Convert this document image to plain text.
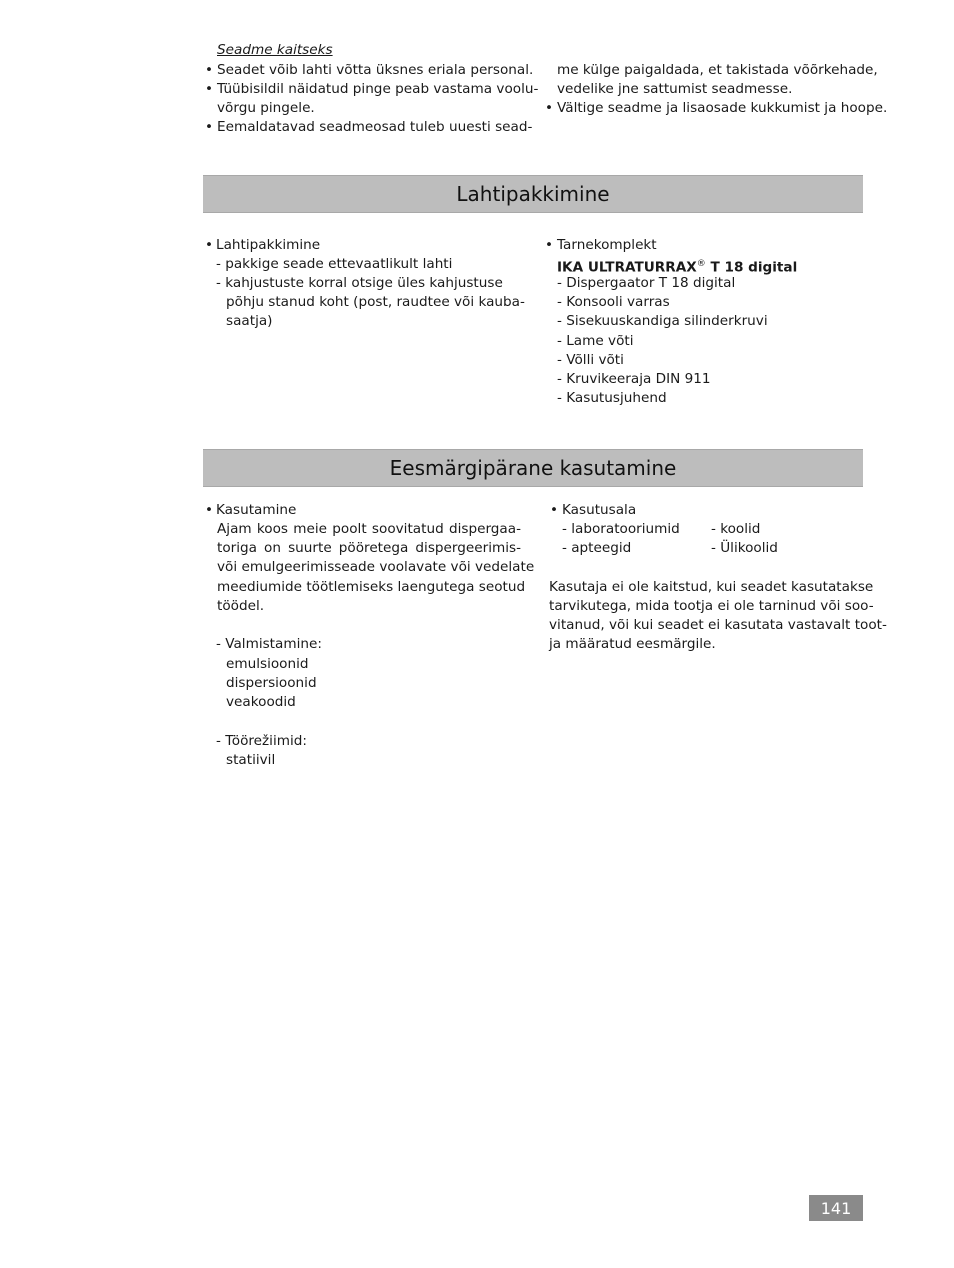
Seadme kaitseks
• Seadet võib lahti võtta üksnes eriala personal.
• Tüübisildil näidatud pinge peab vastama voolu-
võrgu pingele.
• Eemaldatavad seadmeosad tuleb uuesti sead-
me külge paigaldada, et takistada võõrkehade,
vedelike jne sattumist seadmesse.
• Vältige seadme ja lisaosade kukkumist ja hoope.
Lahtipakkimine
• Lahtipakkimine
- pakkige seade ettevaatlikult lahti
- kahjustuste korral otsige üles kahjustuse
põhju stanud koht (post, raudtee või kauba-
saatja)
• Tarnekomplekt
IKA ULTRATURRAX® T 18 digital
- Dispergaator T 18 digital
- Konsooli varras
- Sisekuuskandiga silinderkruvi
- Lame võti
- Võlli võti
- Kruvikeeraja DIN 911
- Kasutusjuhend
Eesmärgipärane kasutamine
• Kasutamine
Ajam koos meie poolt soovitatud dispergaa-
toriga on suurte pööretega dispergeerimis-
või emulgeerimisseade voolavate või vedelate
meediumide töötlemiseks laengutega seotud
töödel.
- Valmistamine:
emulsioonid
dispersioonid
veakoodid
- Töörežiimid:
statiivil
• Kasutusala
- laboratooriumid
- apteegid
- koolid
- Ülikoolid
Kasutaja ei ole kaitstud, kui seadet kasutatakse
tarvikutega, mida tootja ei ole tarninud või soo-
vitanud, või kui seadet ei kasutata vastavalt toot-
ja määratud eesmärgile.
141
